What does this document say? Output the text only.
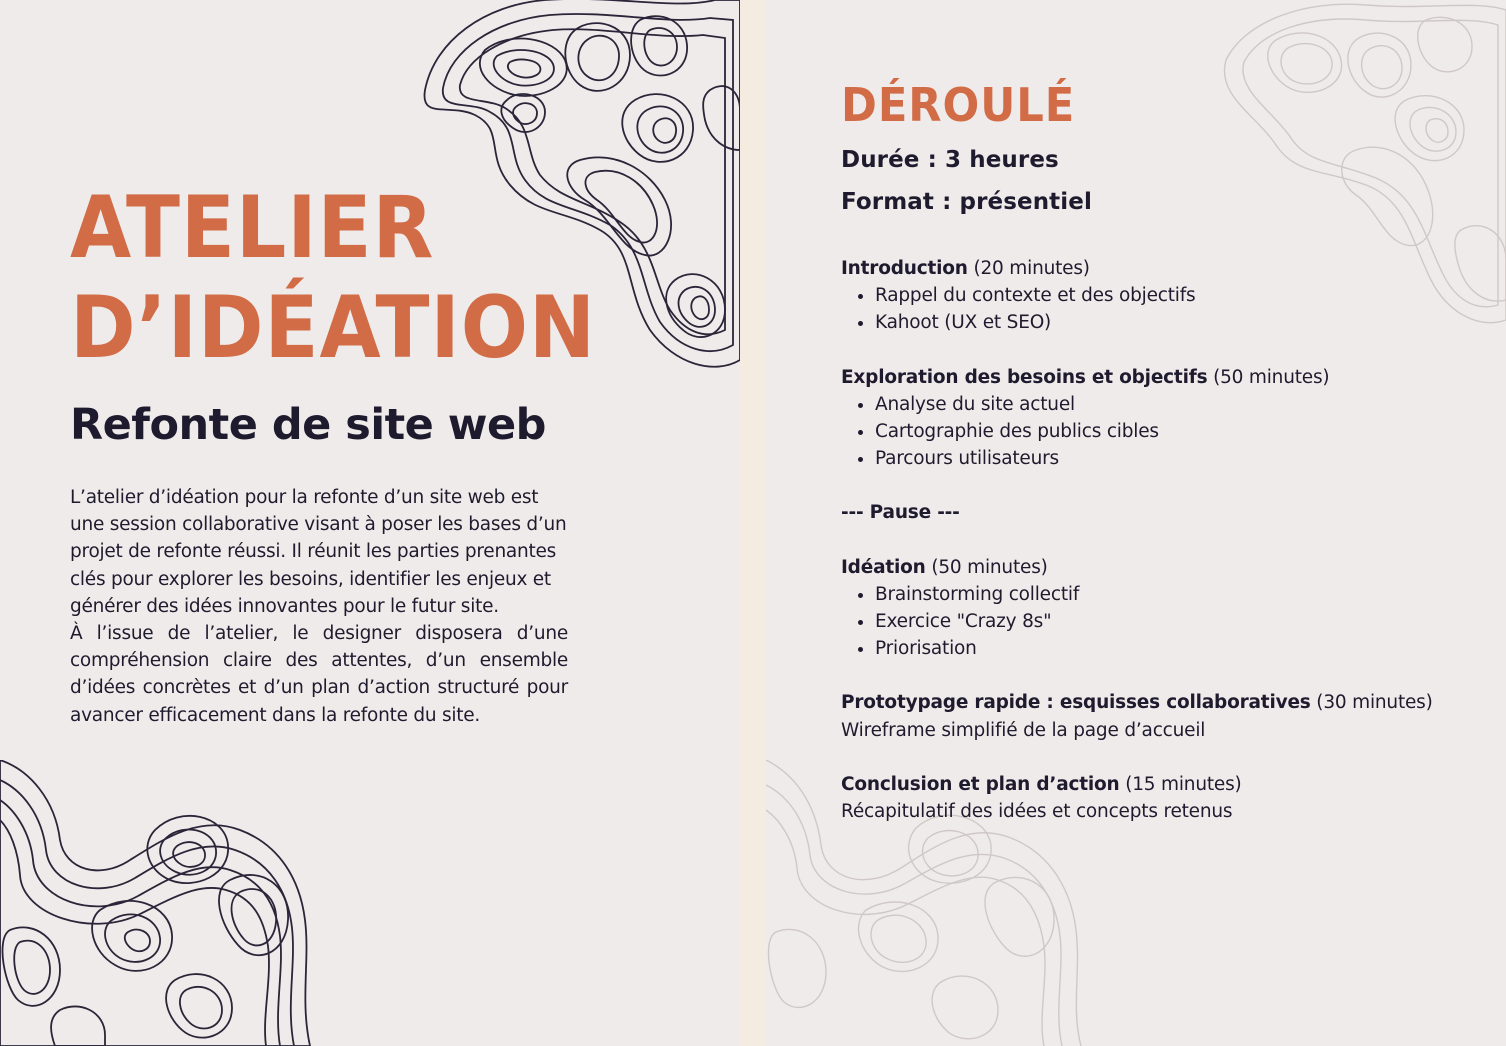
ATELIER
D’IDÉATION
Refonte de site web

L’atelier d’idéation pour la refonte d’un site web est une session collaborative visant à poser les bases d’un projet de refonte réussi. Il réunit les parties prenantes clés pour explorer les besoins, identifier les enjeux et générer des idées innovantes pour le futur site.

À l’issue de l’atelier, le designer disposera d’une compréhension claire des attentes, d’un ensemble d’idées concrètes et d’un plan d’action structuré pour avancer efficacement dans la refonte du site.

DÉROULÉ

Durée : 3 heures

Format : présentiel

Introduction (20 minutes)
• Rappel du contexte et des objectifs
• Kahoot (UX et SEO)
Exploration des besoins et objectifs (50 minutes)
• Analyse du site actuel
• Cartographie des publics cibles
• Parcours utilisateurs
--- Pause ---
Idéation (50 minutes)
• Brainstorming collectif
• Exercice "Crazy 8s"
• Priorisation
Prototypage rapide : esquisses collaboratives (30 minutes)

Wireframe simplifié de la page d’accueil

Conclusion et plan d’action (15 minutes)

Récapitulatif des idées et concepts retenus
